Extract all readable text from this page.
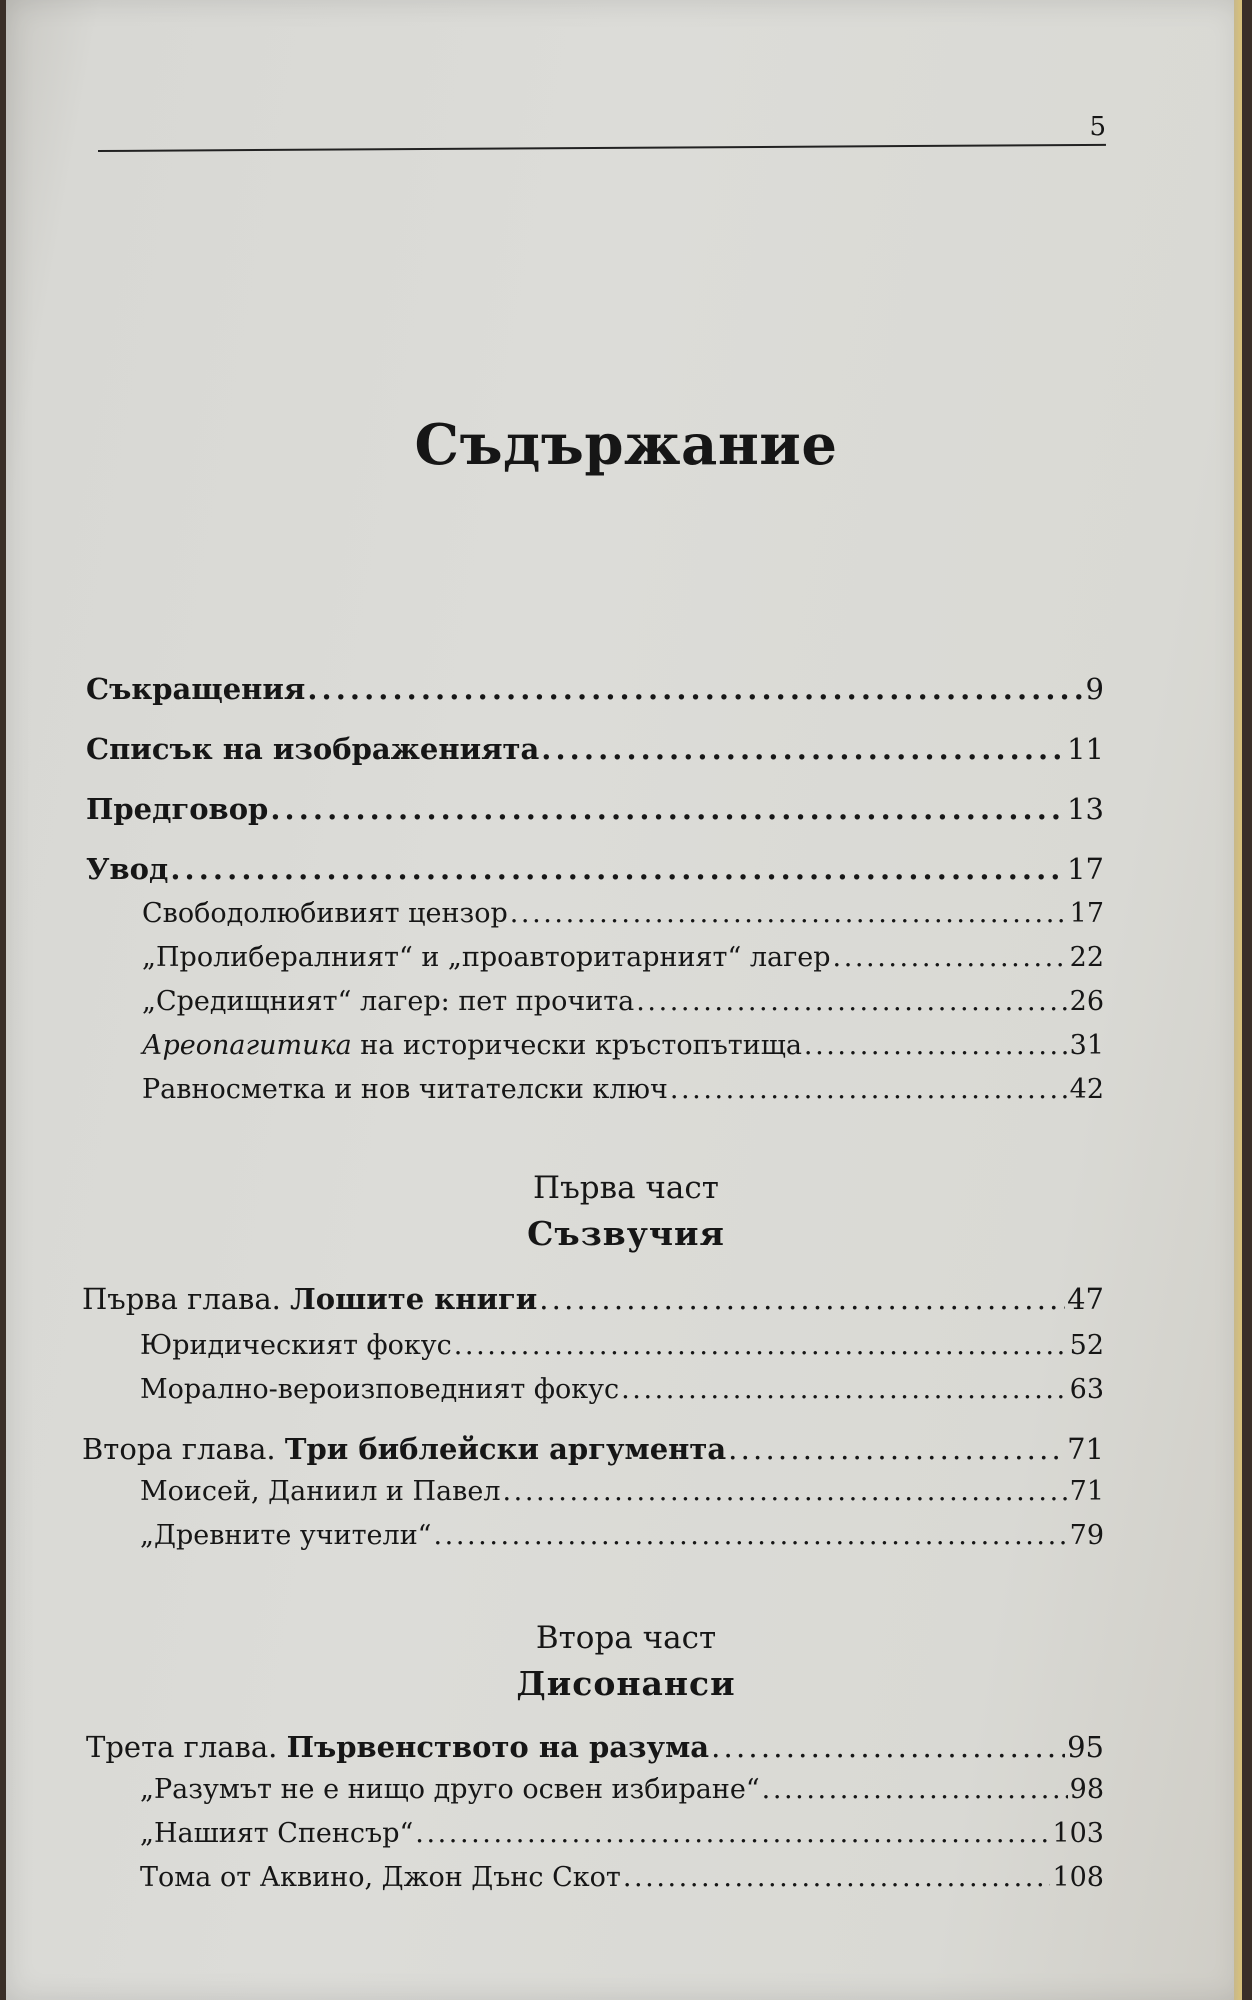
5
Съдържание
Съкращения . . .	9
Списък на изображенията . . .	11
Предговор . . .	13
Увод . . .	17
Свободолюбивият цензор . . .	17
„Пролибералният“ и „проавторитарният“ лагер . . .	22
„Средищният“ лагер: пет прочита . . .	26
Ареопагитика на исторически кръстопътища . . .	31
Равносметка и нов читателски ключ . . .	42
Първа част
Съзвучия
Първа глава. Лошите книги . . .	47
Юридическият фокус . . .	52
Морално-вероизповедният фокус . . .	63
Втора глава. Три библейски аргумента . . .	71
Моисей, Даниил и Павел . . .	71
„Древните учители“ . . .	79
Втора част
Дисонанси
Трета глава. Първенството на разума . . .	95
„Разумът не е нищо друго освен избиране“ . . .	98
„Нашият Спенсър“ . . .	103
Тома от Аквино, Джон Дънс Скот . . .	108
